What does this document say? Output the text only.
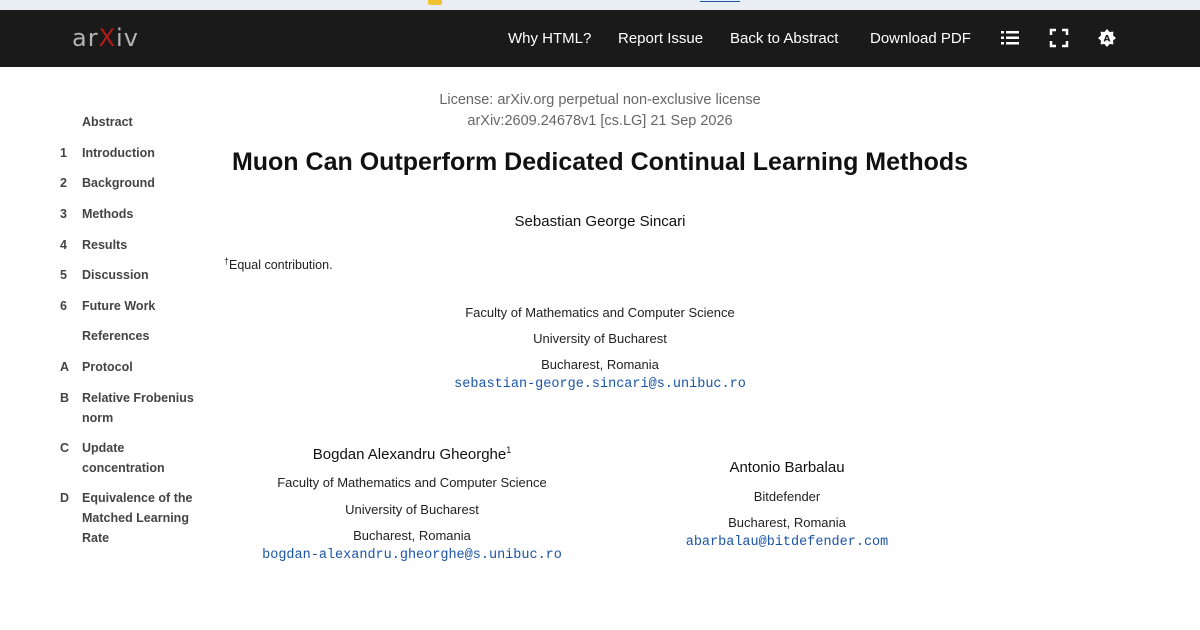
arXiv	Why HTML? Report Issue Back to Abstract Download PDF	A
Abstract
1	Introduction
2	Background
3	Methods
4	Results
5	Discussion
6	Future Work
References
A	Protocol
B	Relative Frobenius norm
C	Update concentration
D	Equivalence of the Matched Learning Rate
License: arXiv.org perpetual non-exclusive license
arXiv:2609.24678v1 [cs.LG] 21 Sep 2026
Muon Can Outperform Dedicated Continual Learning Methods
Sebastian George Sincari
†Equal contribution.
Faculty of Mathematics and Computer Science
University of Bucharest
Bucharest, Romania
sebastian-george.sincari@s.unibuc.ro
Bogdan Alexandru Gheorghe$^1$
Faculty of Mathematics and Computer Science
University of Bucharest
Bucharest, Romania
bogdan-alexandru.gheorghe@s.unibuc.ro
Antonio Barbalau
Bitdefender
Bucharest, Romania
abarbalau@bitdefender.com
